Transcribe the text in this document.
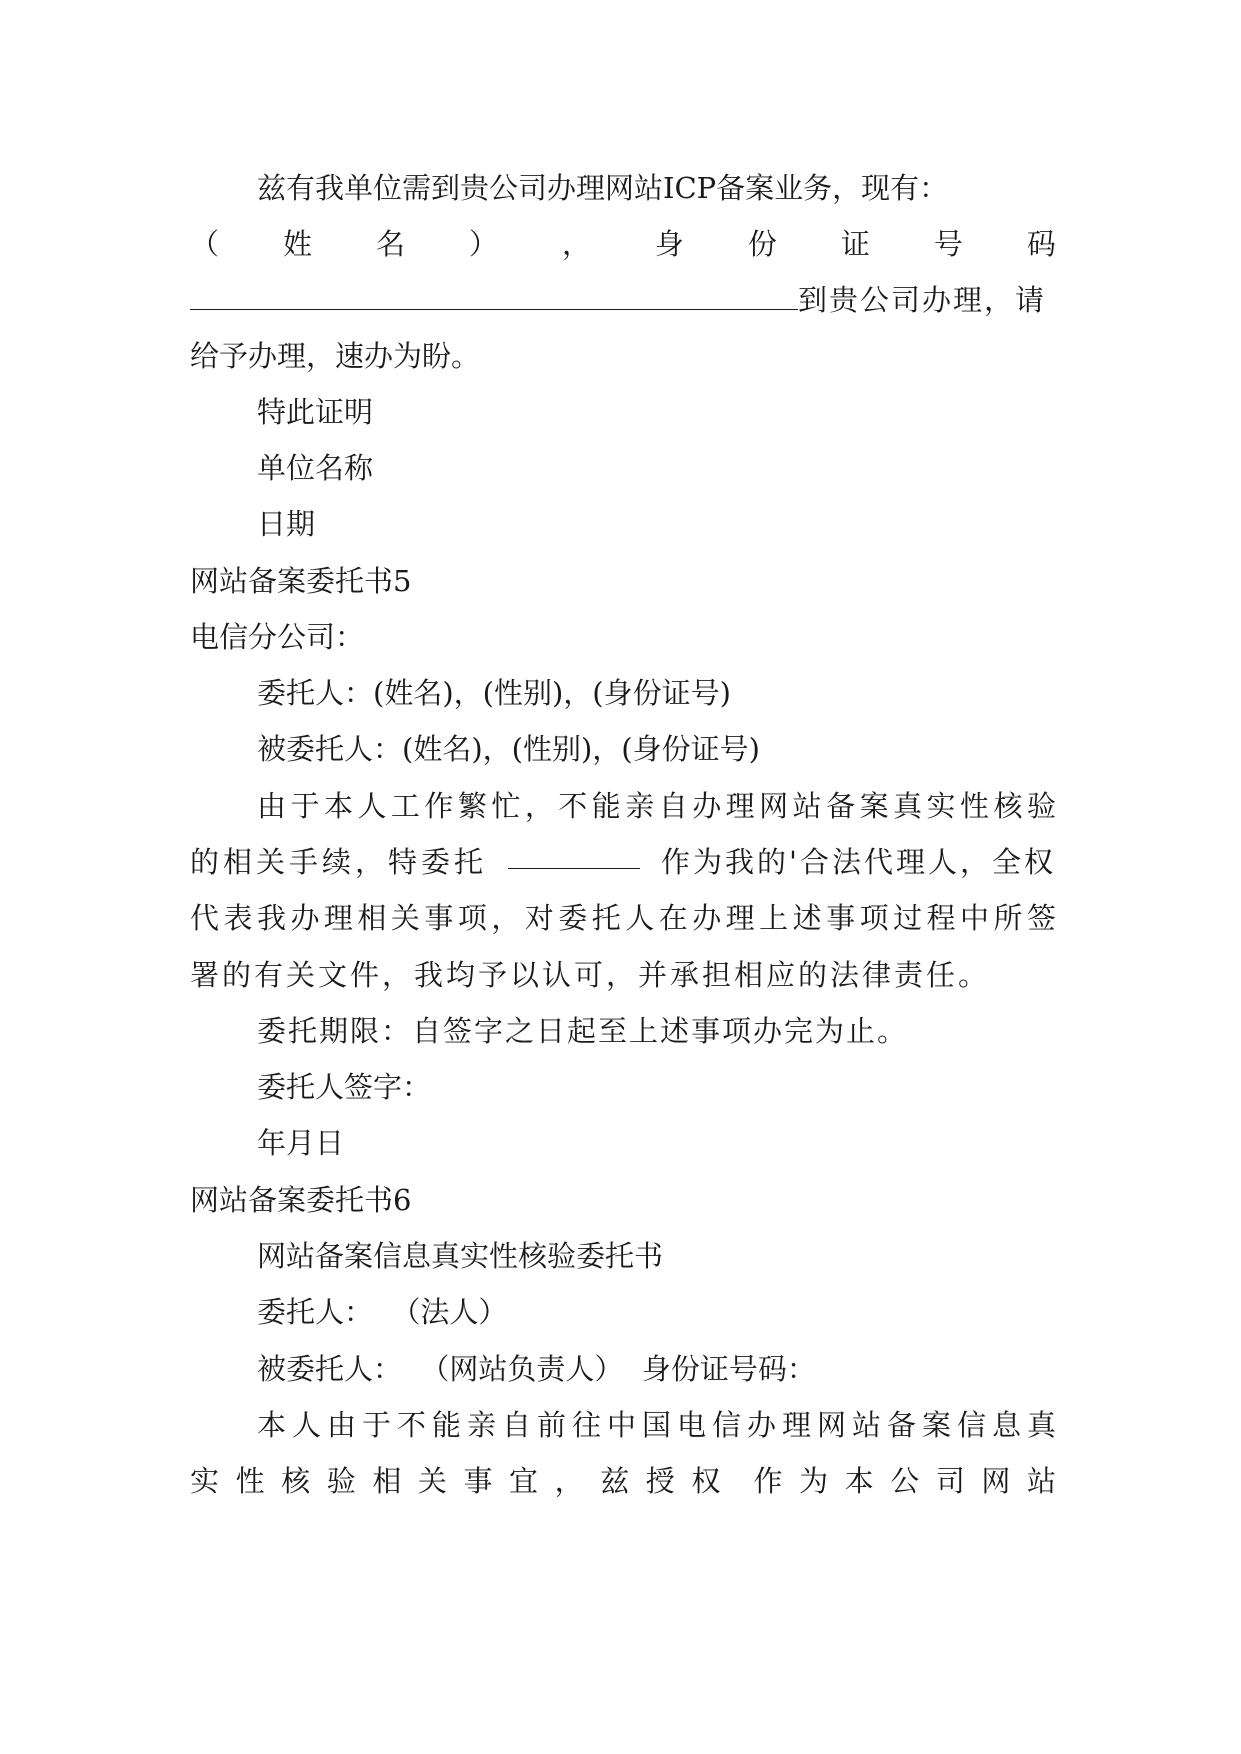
兹有我单位需到贵公司办理网站ICP备案业务，现有：
（ 姓 名 ） ， 身 份 证 号 码
到贵公司办理，请
给予办理，速办为盼。
特此证明
单位名称
日期
网站备案委托书5
电信分公司：
委托人：(姓名)，(性别)，(身份证号)
被委托人：(姓名)，(性别)，(身份证号)
由于本人工作繁忙，不能亲自办理网站备案真实性核验
的相关手续，特委托	作为我的'合法代理人，全权
代表我办理相关事项，对委托人在办理上述事项过程中所签
署的有关文件，我均予以认可，并承担相应的法律责任。
委托期限：自签字之日起至上述事项办完为止。
委托人签字：
年月日
网站备案委托书6
网站备案信息真实性核验委托书
委托人：  （法人）
被委托人：  （网站负责人）  身份证号码：
本人由于不能亲自前往中国电信办理网站备案信息真
实 性 核 验 相 关 事 宜 ， 兹 授 权 作 为 本 公 司 网 站
